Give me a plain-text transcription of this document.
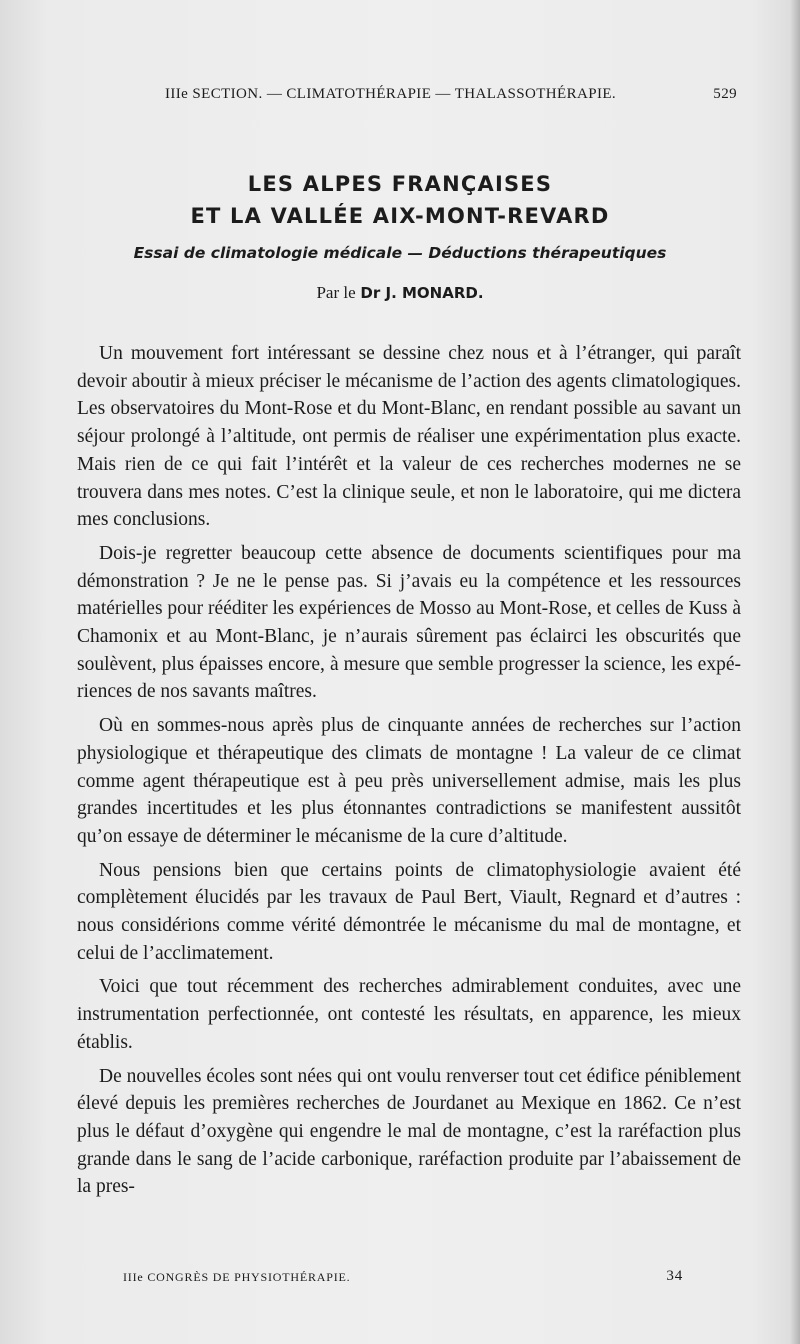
IIIe SECTION. — CLIMATOTHÉRAPIE — THALASSOTHÉRAPIE.	529
LES ALPES FRANÇAISES
ET LA VALLÉE AIX-MONT-REVARD
Essai de climatologie médicale — Déductions thérapeutiques
Par le Dr J. MONARD.

Un mouvement fort intéressant se dessine chez nous et à l’étranger, qui paraît devoir aboutir à mieux préciser le mécanisme de l’action des agents climatologiques. Les observatoires du Mont-Rose et du Mont-Blanc, en rendant possible au savant un séjour prolongé à l’altitude, ont permis de réaliser une expérimentation plus exacte. Mais rien de ce qui fait l’intérêt et la valeur de ces recherches modernes ne se trouvera dans mes notes. C’est la clinique seule, et non le laboratoire, qui me dictera mes conclusions.

Dois-je regretter beaucoup cette absence de documents scientifiques pour ma démonstration ? Je ne le pense pas. Si j’avais eu la compétence et les ressources matérielles pour rééditer les expériences de Mosso au Mont-Rose, et celles de Kuss à Chamonix et au Mont-Blanc, je n’aurais sûrement pas éclairci les obscurités que soulèvent, plus épaisses encore, à mesure que semble progresser la science, les expériences de nos savants maîtres.

Où en sommes-nous après plus de cinquante années de recherches sur l’action physiologique et thérapeutique des climats de montagne ! La valeur de ce climat comme agent thérapeutique est à peu près universellement admise, mais les plus grandes incertitudes et les plus étonnantes contradictions se manifestent aussitôt qu’on essaye de déterminer le mécanisme de la cure d’altitude.

Nous pensions bien que certains points de climatophysiologie avaient été complètement élucidés par les travaux de Paul Bert, Viault, Regnard et d’autres : nous considérions comme vérité démontrée le mécanisme du mal de montagne, et celui de l’acclimatement.

Voici que tout récemment des recherches admirablement conduites, avec une instrumentation perfectionnée, ont contesté les résultats, en apparence, les mieux établis.

De nouvelles écoles sont nées qui ont voulu renverser tout cet édifice péniblement élevé depuis les premières recherches de Jourdanet au Mexique en 1862. Ce n’est plus le défaut d’oxygène qui engendre le mal de montagne, c’est la raréfaction plus grande dans le sang de l’acide carbonique, raréfaction produite par l’abaissement de la pres-

IIIe CONGRÈS DE PHYSIOTHÉRAPIE.	34
